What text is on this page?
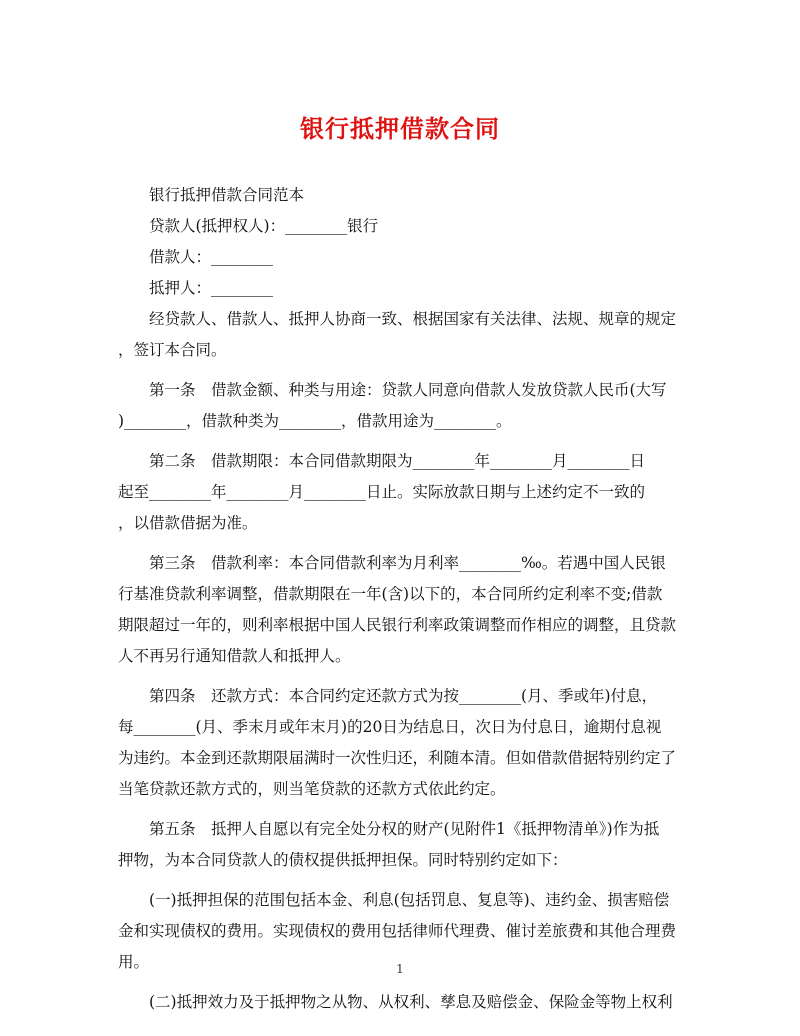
银行抵押借款合同
银行抵押借款合同范本
贷款人(抵押权人)：________银行
借款人：________
抵押人：________
经贷款人、借款人、抵押人协商一致、根据国家有关法律、法规、规章的规定
，签订本合同。
第一条　借款金额、种类与用途：贷款人同意向借款人发放贷款人民币(大写
)________，借款种类为________，借款用途为________。
第二条　借款期限：本合同借款期限为________年________月________日
起至________年________月________日止。实际放款日期与上述约定不一致的
，以借款借据为准。
第三条　借款利率：本合同借款利率为月利率________‰。若遇中国人民银
行基准贷款利率调整，借款期限在一年(含)以下的，本合同所约定利率不变;借款
期限超过一年的，则利率根据中国人民银行利率政策调整而作相应的调整，且贷款
人不再另行通知借款人和抵押人。
第四条　还款方式：本合同约定还款方式为按________(月、季或年)付息，
每________(月、季末月或年末月)的20日为结息日，次日为付息日，逾期付息视
为违约。本金到还款期限届满时一次性归还，利随本清。但如借款借据特别约定了
当笔贷款还款方式的，则当笔贷款的还款方式依此约定。
第五条　抵押人自愿以有完全处分权的财产(见附件1《抵押物清单》)作为抵
押物，为本合同贷款人的债权提供抵押担保。同时特别约定如下：
(一)抵押担保的范围包括本金、利息(包括罚息、复息等)、违约金、损害赔偿
金和实现债权的费用。实现债权的费用包括律师代理费、催讨差旅费和其他合理费
用。
(二)抵押效力及于抵押物之从物、从权利、孳息及赔偿金、保险金等物上权利
1
